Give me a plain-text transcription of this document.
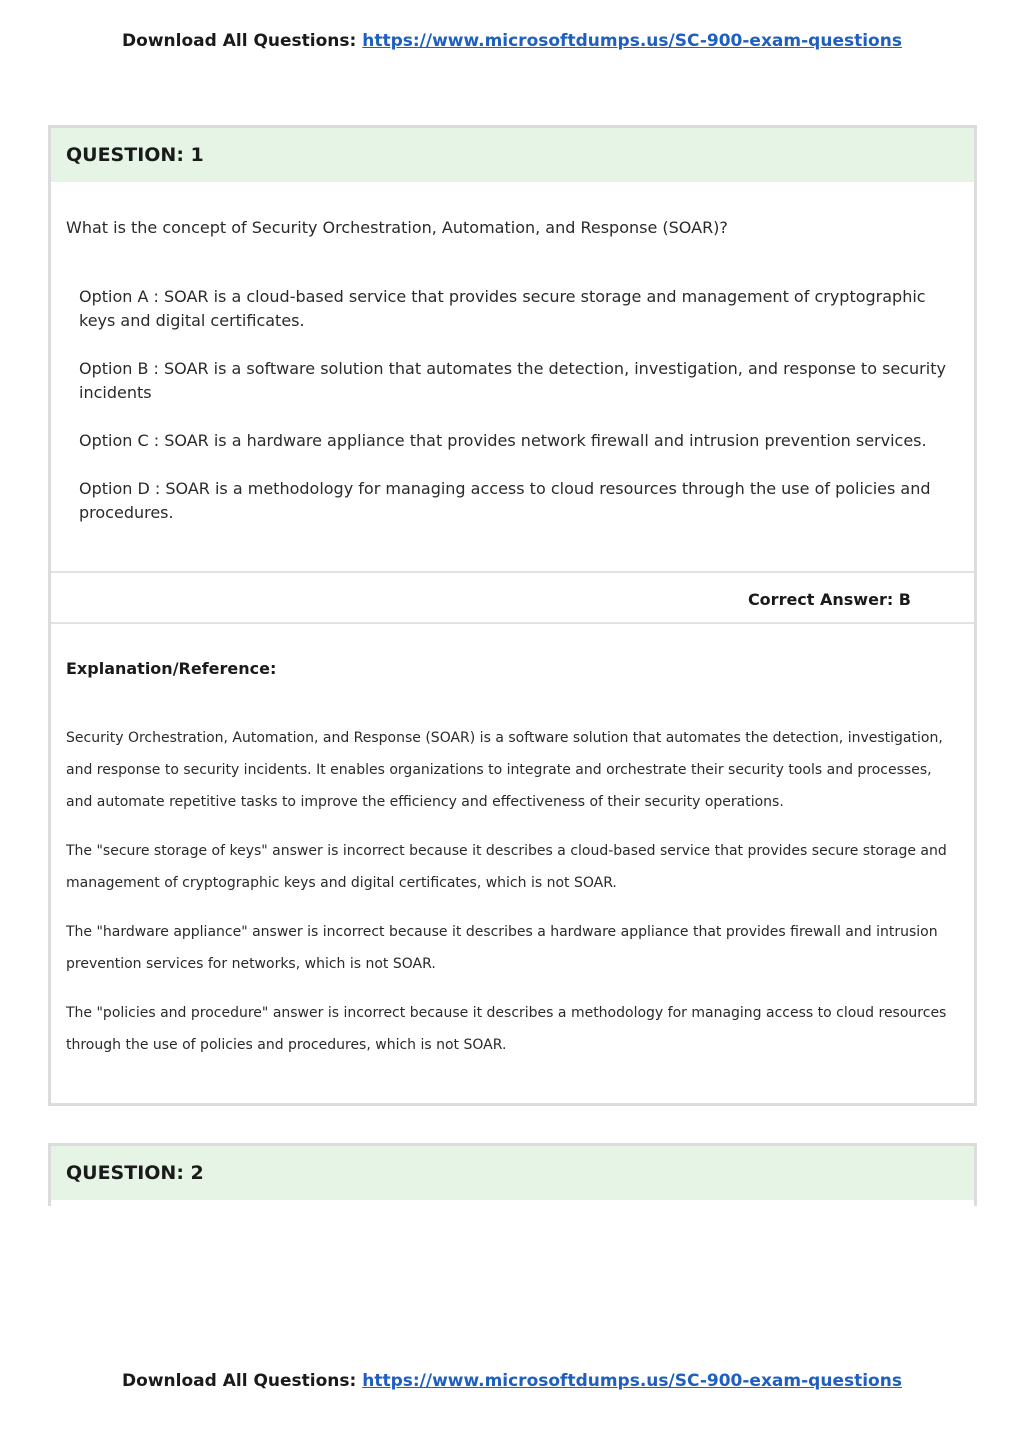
Download All Questions: https://www.microsoftdumps.us/SC-900-exam-questions
QUESTION: 1
What is the concept of Security Orchestration, Automation, and Response (SOAR)?
Option A : SOAR is a cloud-based service that provides secure storage and management of cryptographic keys and digital certificates.
Option B : SOAR is a software solution that automates the detection, investigation, and response to security incidents
Option C : SOAR is a hardware appliance that provides network firewall and intrusion prevention services.
Option D : SOAR is a methodology for managing access to cloud resources through the use of policies and procedures.
Correct Answer: B
Explanation/Reference:

Security Orchestration, Automation, and Response (SOAR) is a software solution that automates the detection, investigation, and response to security incidents. It enables organizations to integrate and orchestrate their security tools and processes, and automate repetitive tasks to improve the efficiency and effectiveness of their security operations.

The "secure storage of keys" answer is incorrect because it describes a cloud-based service that provides secure storage and management of cryptographic keys and digital certificates, which is not SOAR.

The "hardware appliance" answer is incorrect because it describes a hardware appliance that provides firewall and intrusion prevention services for networks, which is not SOAR.

The "policies and procedure" answer is incorrect because it describes a methodology for managing access to cloud resources through the use of policies and procedures, which is not SOAR.

QUESTION: 2
Download All Questions: https://www.microsoftdumps.us/SC-900-exam-questions
